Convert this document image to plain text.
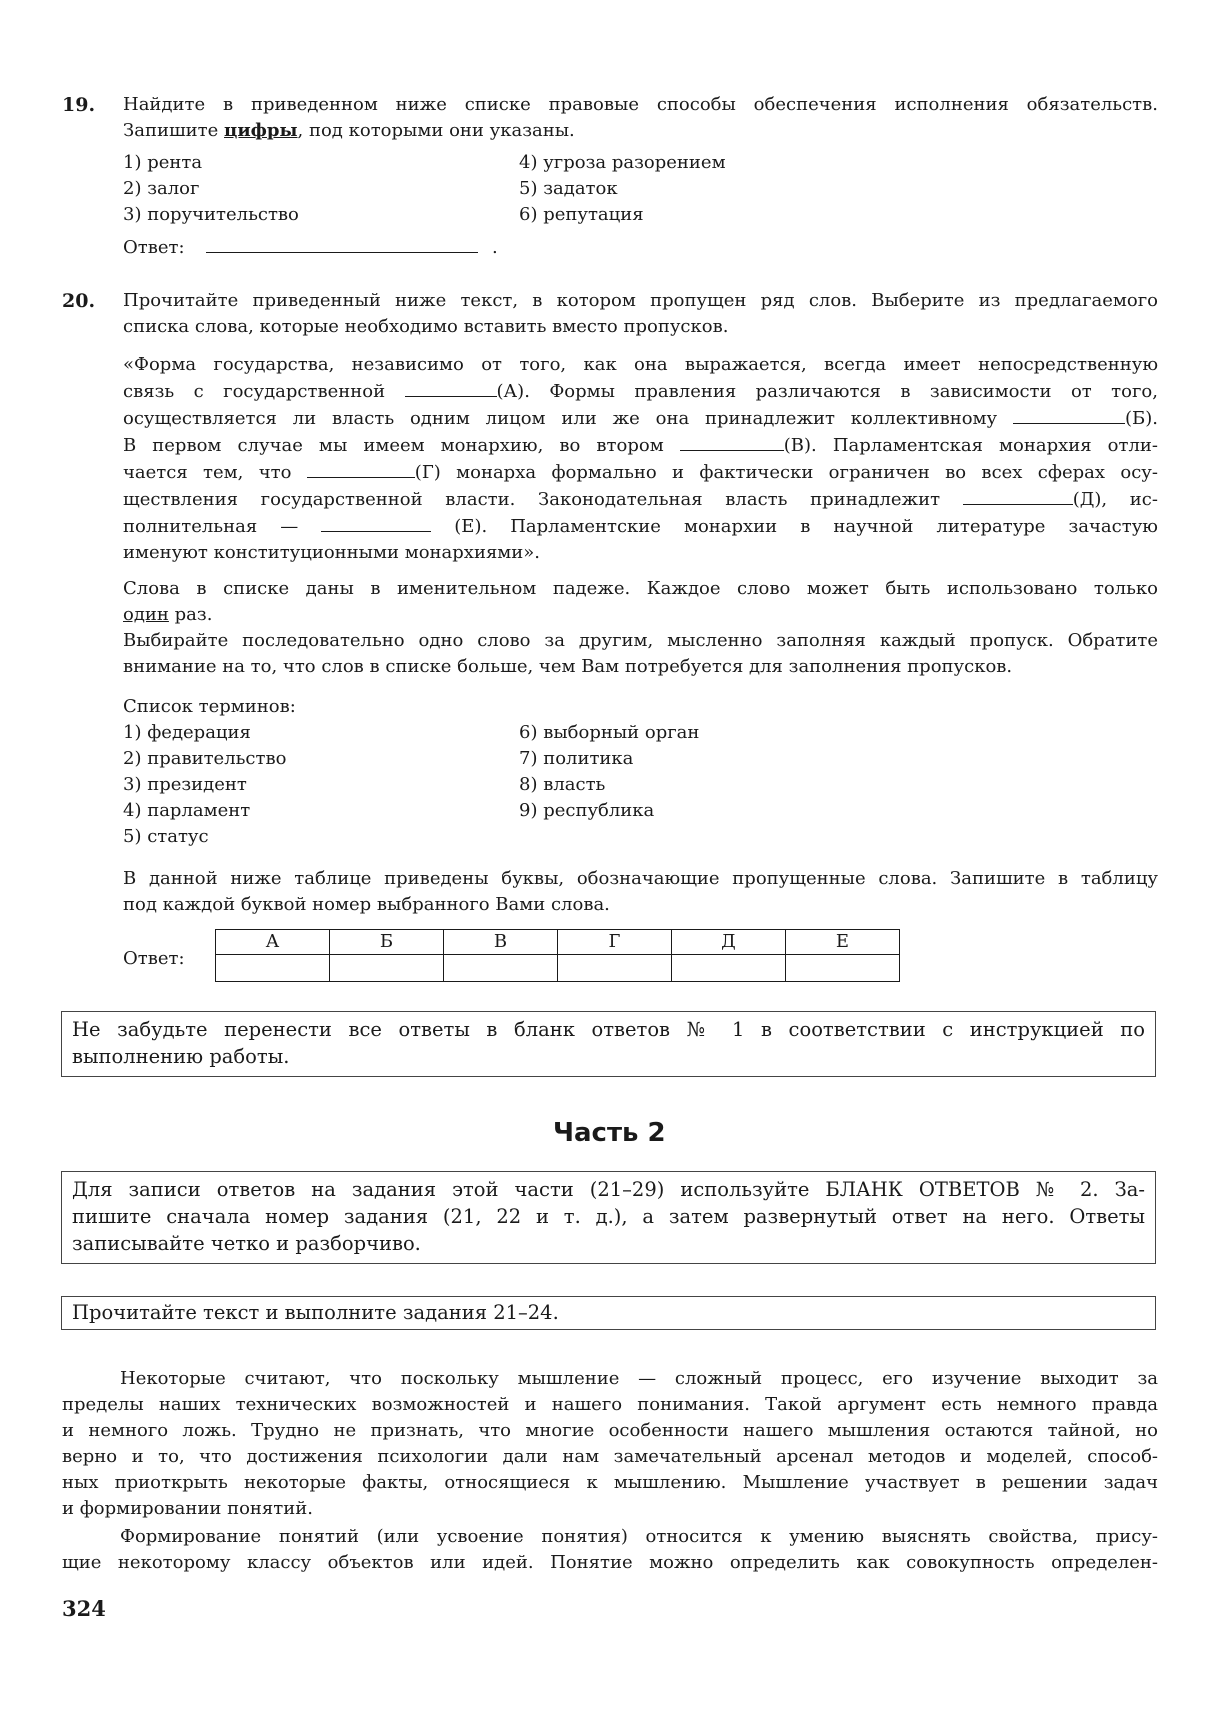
19. Найдите в приведенном ниже списке правовые способы обеспечения исполнения обязательств.
Запишите цифры, под которыми они указаны.
1) рента
2) залог
3) поручительство
4) угроза разорением
5) задаток
6) репутация
Ответ:	.
20. Прочитайте приведенный ниже текст, в котором пропущен ряд слов. Выберите из предлагаемого
списка слова, которые необходимо вставить вместо пропусков.
«Форма государства, независимо от того, как она выражается, всегда имеет непосредственную
связь с государственной	(А). Формы правления различаются в зависимости от того,
осуществляется ли власть одним лицом или же она принадлежит коллективному	(Б).
В первом случае мы имеем монархию, во втором	(В). Парламентская монархия отли-
чается тем, что	(Г) монарха формально и фактически ограничен во всех сферах осу-
ществления государственной власти. Законодательная власть принадлежит	(Д), ис-
полнительная —	(Е). Парламентские монархии в научной литературе зачастую
именуют конституционными монархиями».
Слова в списке даны в именительном падеже. Каждое слово может быть использовано только
один раз.
Выбирайте последовательно одно слово за другим, мысленно заполняя каждый пропуск. Обратите
внимание на то, что слов в списке больше, чем Вам потребуется для заполнения пропусков.
Список терминов:
1) федерация
2) правительство
3) президент
4) парламент
5) статус
6) выборный орган
7) политика
8) власть
9) республика
В данной ниже таблице приведены буквы, обозначающие пропущенные слова. Запишите в таблицу
под каждой буквой номер выбранного Вами слова.
Ответ:
А	Б	В	Г	Д	Е

Не забудьте перенести все ответы в бланк ответов № 1 в соответствии с инструкцией по
выполнению работы.
Часть 2
Для записи ответов на задания этой части (21–29) используйте БЛАНК ОТВЕТОВ № 2. За-
пишите сначала номер задания (21, 22 и т. д.), а затем развернутый ответ на него. Ответы
записывайте четко и разборчиво.
Прочитайте текст и выполните задания 21–24.
Некоторые считают, что поскольку мышление — сложный процесс, его изучение выходит за
пределы наших технических возможностей и нашего понимания. Такой аргумент есть немного правда
и немного ложь. Трудно не признать, что многие особенности нашего мышления остаются тайной, но
верно и то, что достижения психологии дали нам замечательный арсенал методов и моделей, способ-
ных приоткрыть некоторые факты, относящиеся к мышлению. Мышление участвует в решении задач
и формировании понятий.
Формирование понятий (или усвоение понятия) относится к умению выяснять свойства, прису-
щие некоторому классу объектов или идей. Понятие можно определить как совокупность определен-
324
